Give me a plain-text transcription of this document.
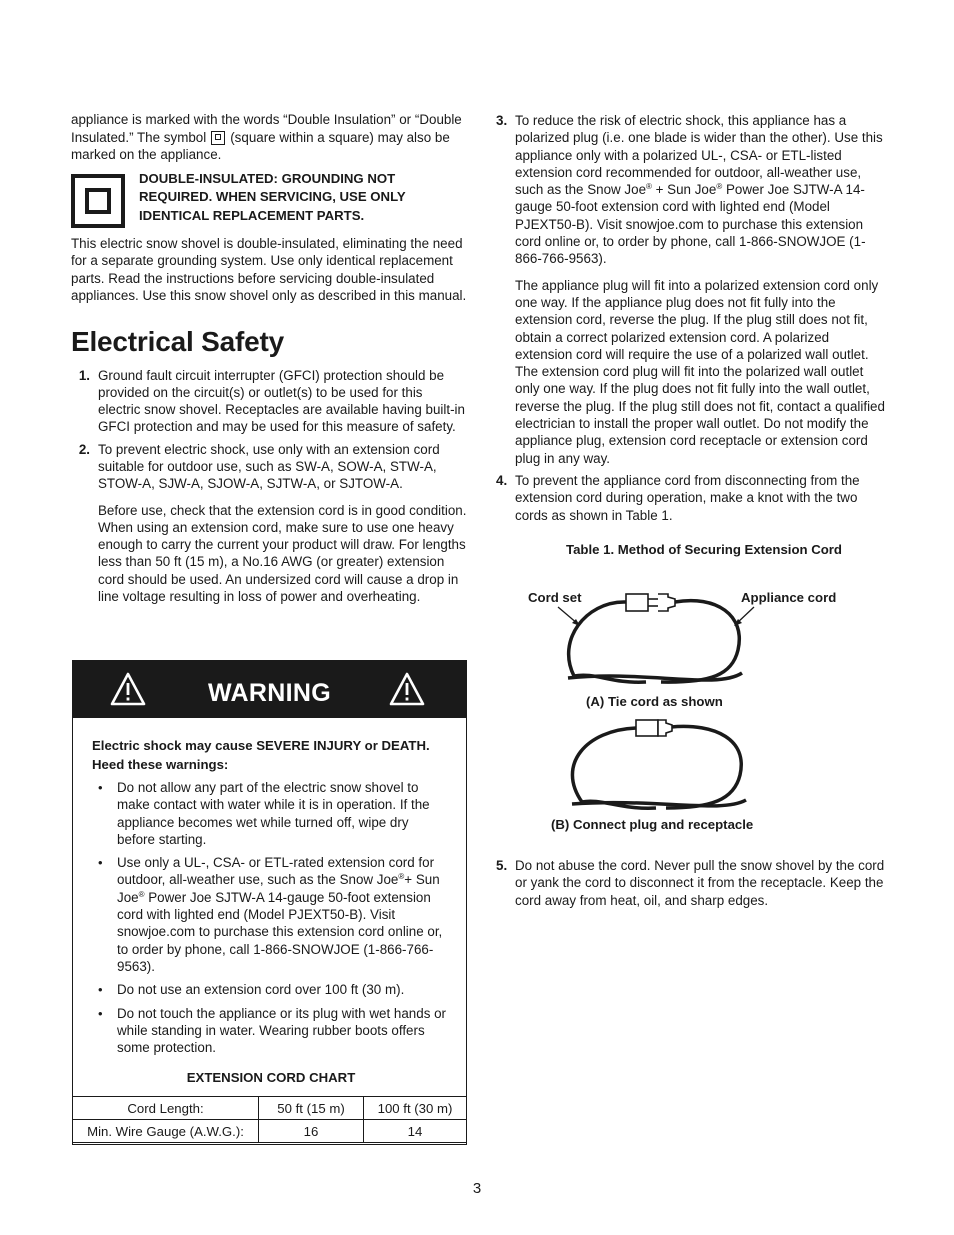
appliance is marked with the words “Double Insulation” or “Double Insulated.” The symbol (square within a square) may also be marked on the appliance.

DOUBLE-INSULATED: GROUNDING NOT REQUIRED. WHEN SERVICING, USE ONLY IDENTICAL REPLACEMENT PARTS.

This electric snow shovel is double-insulated, eliminating the need for a separate grounding system. Use only identical replacement parts. Read the instructions before servicing double-insulated appliances. Use this snow shovel only as described in this manual.

Electrical Safety
1. Ground fault circuit interrupter (GFCI) protection should be provided on the circuit(s) or outlet(s) to be used for this electric snow shovel. Receptacles are available having built-in GFCI protection and may be used for this measure of safety.

2. To prevent electric shock, use only with an extension cord suitable for outdoor use, such as SW-A, SOW-A, STW-A, STOW-A, SJW-A, SJOW-A, SJTW-A, or SJTOW-A.

Before use, check that the extension cord is in good condition. When using an extension cord, make sure to use one heavy enough to carry the current your product will draw. For lengths less than 50 ft (15 m), a No.16 AWG (or greater) extension cord should be used. An undersized cord will cause a drop in line voltage resulting in loss of power and overheating.

WARNING
Electric shock may cause SEVERE INJURY or DEATH. Heed these warnings:
•	Do not allow any part of the electric snow shovel to make contact with water while it is in operation. If the appliance becomes wet while turned off, wipe dry before starting.

•	Use only a UL-, CSA- or ETL-rated extension cord for outdoor, all-weather use, such as the Snow Joe®+ Sun Joe® Power Joe SJTW-A 14-gauge 50-foot extension cord with lighted end (Model PJEXT50-B). Visit snowjoe.com to purchase this extension cord online or, to order by phone, call 1-866-SNOWJOE (1-866-766-9563).

•	Do not use an extension cord over 100 ft (30 m).

•	Do not touch the appliance or its plug with wet hands or while standing in water. Wearing rubber boots offers some protection.

EXTENSION CORD CHART
Cord Length:	50 ft (15 m)	100 ft (30 m)
Min. Wire Gauge (A.W.G.):	16	14
3. To reduce the risk of electric shock, this appliance has a polarized plug (i.e. one blade is wider than the other). Use this appliance only with a polarized UL-, CSA- or ETL-listed extension cord recommended for outdoor, all-weather use, such as the Snow Joe® + Sun Joe® Power Joe SJTW-A 14-gauge 50-foot extension cord with lighted end (Model PJEXT50-B). Visit snowjoe.com to purchase this extension cord online or, to order by phone, call 1-866-SNOWJOE (1-866-766-9563).

The appliance plug will fit into a polarized extension cord only one way. If the appliance plug does not fit fully into the extension cord, reverse the plug. If the plug still does not fit, obtain a correct polarized extension cord. A polarized extension cord will require the use of a polarized wall outlet. The extension cord plug will fit into the polarized wall outlet only one way. If the plug does not fit fully into the wall outlet, reverse the plug. If the plug still does not fit, contact a qualified electrician to install the proper wall outlet. Do not modify the appliance plug, extension cord receptacle or extension cord plug in any way.

4. To prevent the appliance cord from disconnecting from the extension cord during operation, make a knot with the two cords as shown in Table 1.

Table 1. Method of Securing Extension Cord
Cord set	Appliance cord
(A) Tie cord as shown
(B) Connect plug and receptacle
5. Do not abuse the cord. Never pull the snow shovel by the cord or yank the cord to disconnect it from the receptacle. Keep the cord away from heat, oil, and sharp edges.

3
